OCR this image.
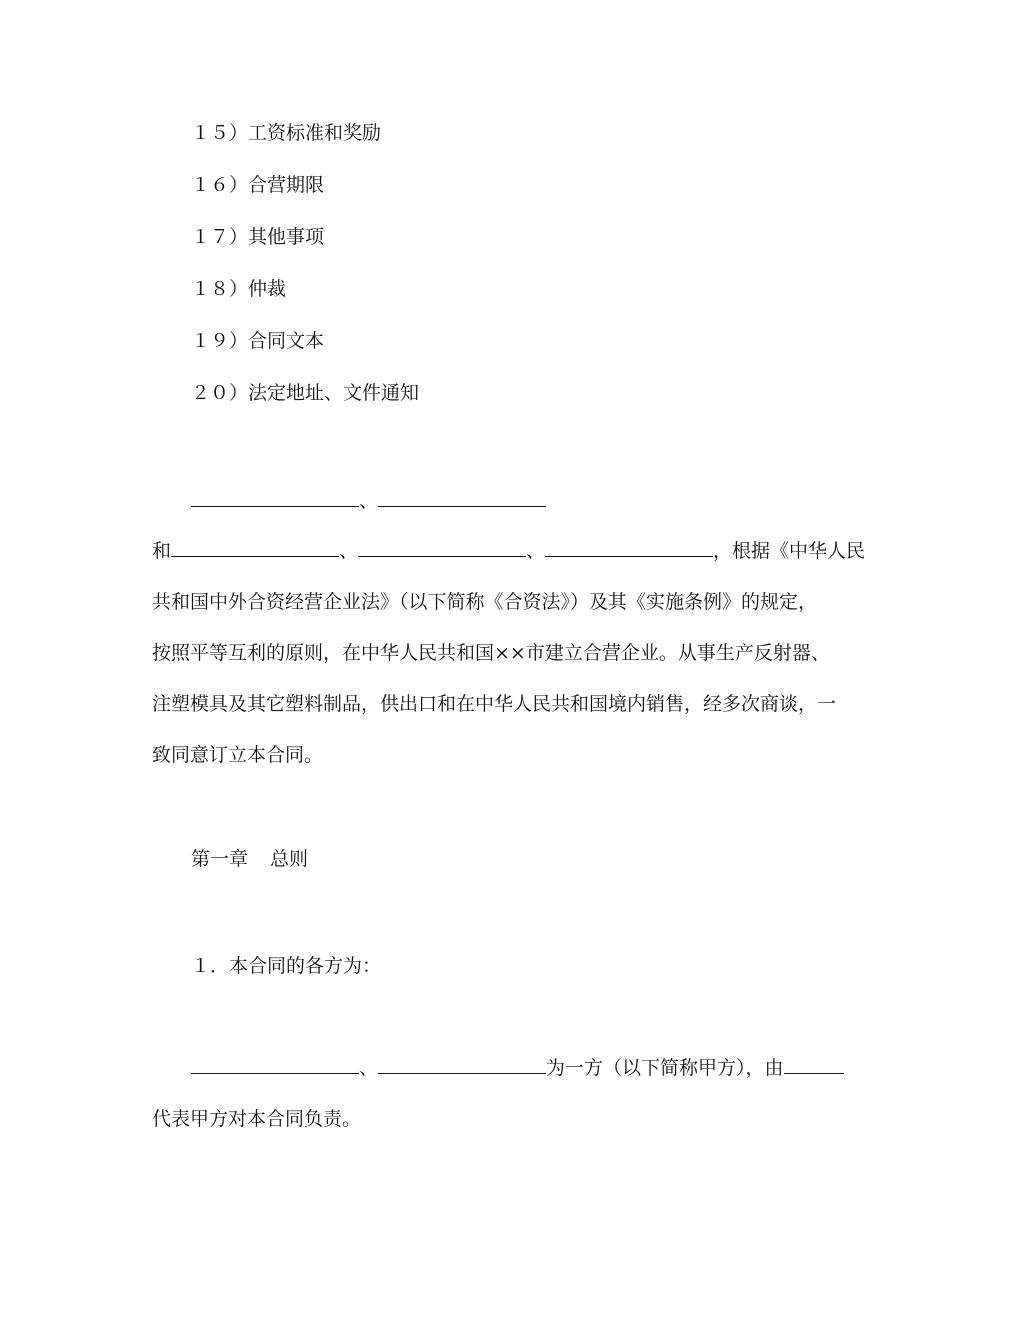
１５）工资标准和奖励
１６）合营期限
１７）其他事项
１８）仲裁
１９）合同文本
２０）法定地址、文件通知
、
和	、	、	，根据《中华人民
共和国中外合资经营企业法》（以下简称《合资法》）及其《实施条例》的规定，
按照平等互利的原则，在中华人民共和国××市建立合营企业。从事生产反射器、
注塑模具及其它塑料制品，供出口和在中华人民共和国境内销售，经多次商谈，一
致同意订立本合同。
第一章 总则
１．本合同的各方为：
、	为一方（以下简称甲方），由
代表甲方对本合同负责。
